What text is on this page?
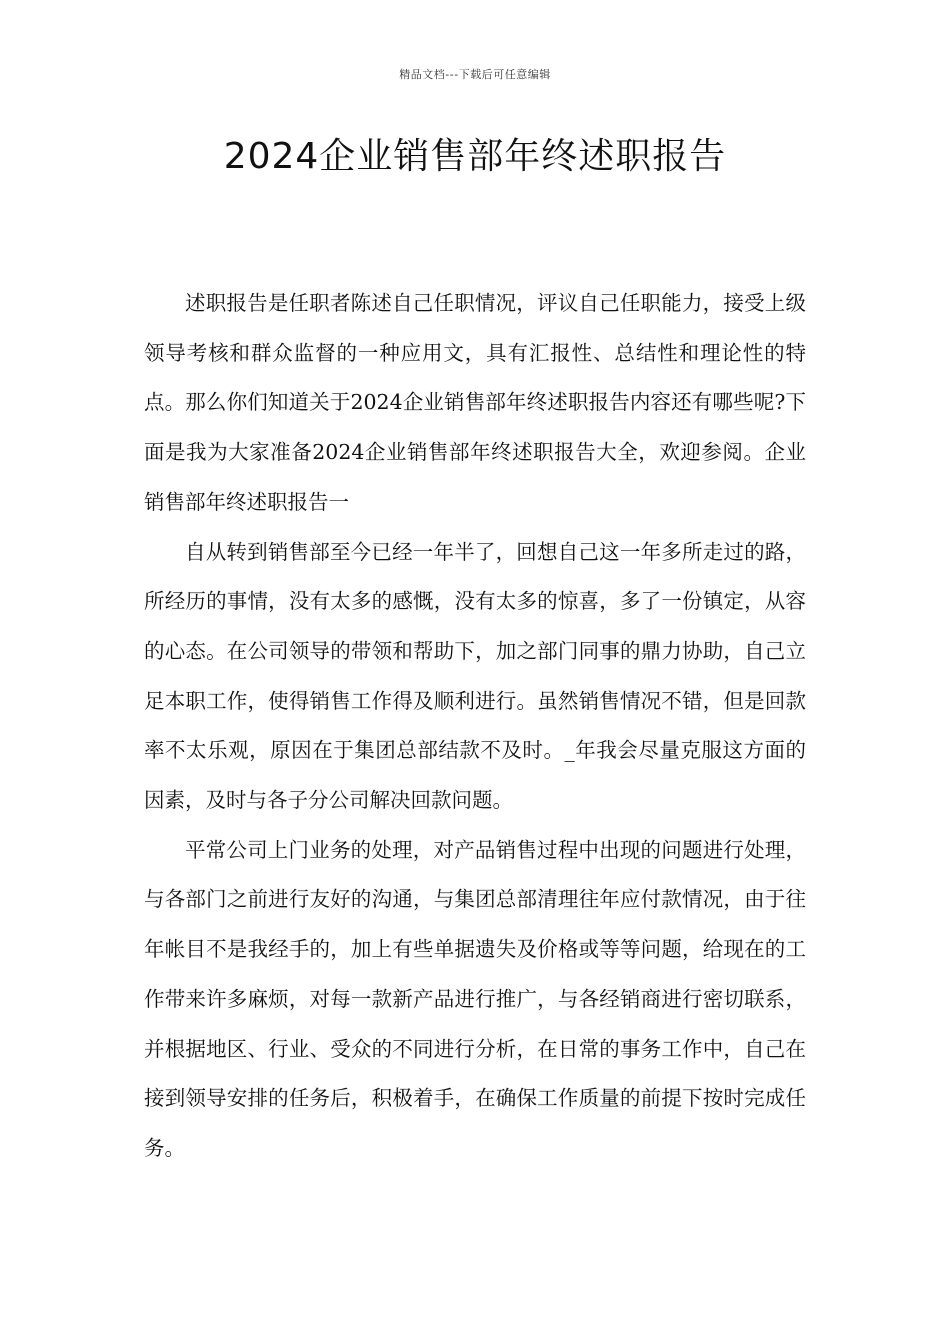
精品文档---下载后可任意编辑
2024企业销售部年终述职报告

述职报告是任职者陈述自己任职情况，评议自己任职能力，接受上级领导考核和群众监督的一种应用文，具有汇报性、总结性和理论性的特点。那么你们知道关于2024企业销售部年终述职报告内容还有哪些呢?下面是我为大家准备2024企业销售部年终述职报告大全，欢迎参阅。企业销售部年终述职报告一

自从转到销售部至今已经一年半了，回想自己这一年多所走过的路，所经历的事情，没有太多的感慨，没有太多的惊喜，多了一份镇定，从容的心态。在公司领导的带领和帮助下，加之部门同事的鼎力协助，自己立足本职工作，使得销售工作得及顺利进行。虽然销售情况不错，但是回款率不太乐观，原因在于集团总部结款不及时。_年我会尽量克服这方面的因素，及时与各子分公司解决回款问题。

平常公司上门业务的处理，对产品销售过程中出现的问题进行处理，与各部门之前进行友好的沟通，与集团总部清理往年应付款情况，由于往年帐目不是我经手的，加上有些单据遗失及价格或等等问题，给现在的工作带来许多麻烦，对每一款新产品进行推广，与各经销商进行密切联系，并根据地区、行业、受众的不同进行分析，在日常的事务工作中，自己在接到领导安排的任务后，积极着手，在确保工作质量的前提下按时完成任务。
